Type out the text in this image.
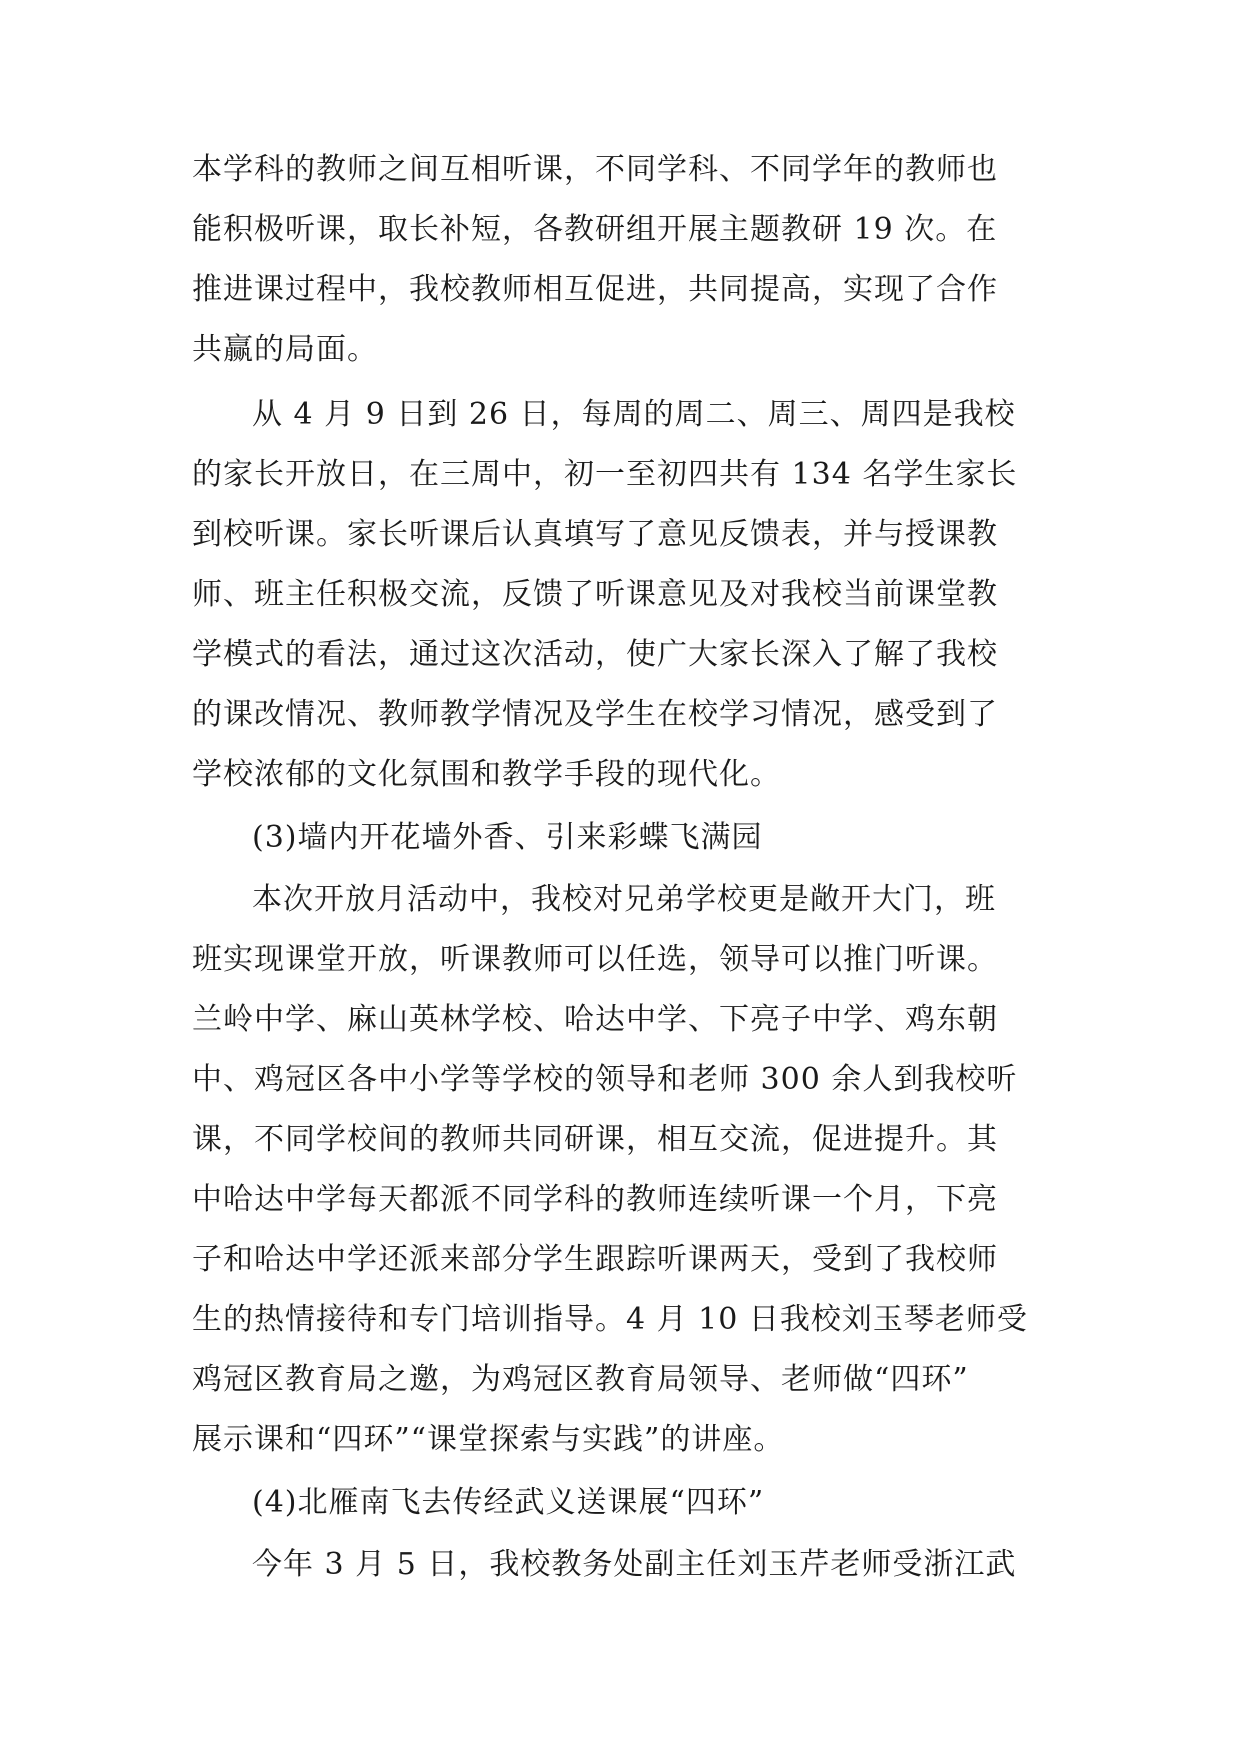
本学科的教师之间互相听课，不同学科、不同学年的教师也
能积极听课，取长补短，各教研组开展主题教研 19 次。在
推进课过程中，我校教师相互促进，共同提高，实现了合作
共赢的局面。
从 4 月 9 日到 26 日，每周的周二、周三、周四是我校
的家长开放日，在三周中，初一至初四共有 134 名学生家长
到校听课。家长听课后认真填写了意见反馈表，并与授课教
师、班主任积极交流，反馈了听课意见及对我校当前课堂教
学模式的看法，通过这次活动，使广大家长深入了解了我校
的课改情况、教师教学情况及学生在校学习情况，感受到了
学校浓郁的文化氛围和教学手段的现代化。
(3)墙内开花墙外香、引来彩蝶飞满园
本次开放月活动中，我校对兄弟学校更是敞开大门，班
班实现课堂开放，听课教师可以任选，领导可以推门听课。
兰岭中学、麻山英林学校、哈达中学、下亮子中学、鸡东朝
中、鸡冠区各中小学等学校的领导和老师 300 余人到我校听
课，不同学校间的教师共同研课，相互交流，促进提升。其
中哈达中学每天都派不同学科的教师连续听课一个月，下亮
子和哈达中学还派来部分学生跟踪听课两天，受到了我校师
生的热情接待和专门培训指导。4 月 10 日我校刘玉琴老师受
鸡冠区教育局之邀，为鸡冠区教育局领导、老师做“四环”
展示课和“四环”“课堂探索与实践”的讲座。
(4)北雁南飞去传经武义送课展“四环”
今年 3 月 5 日，我校教务处副主任刘玉芹老师受浙江武
